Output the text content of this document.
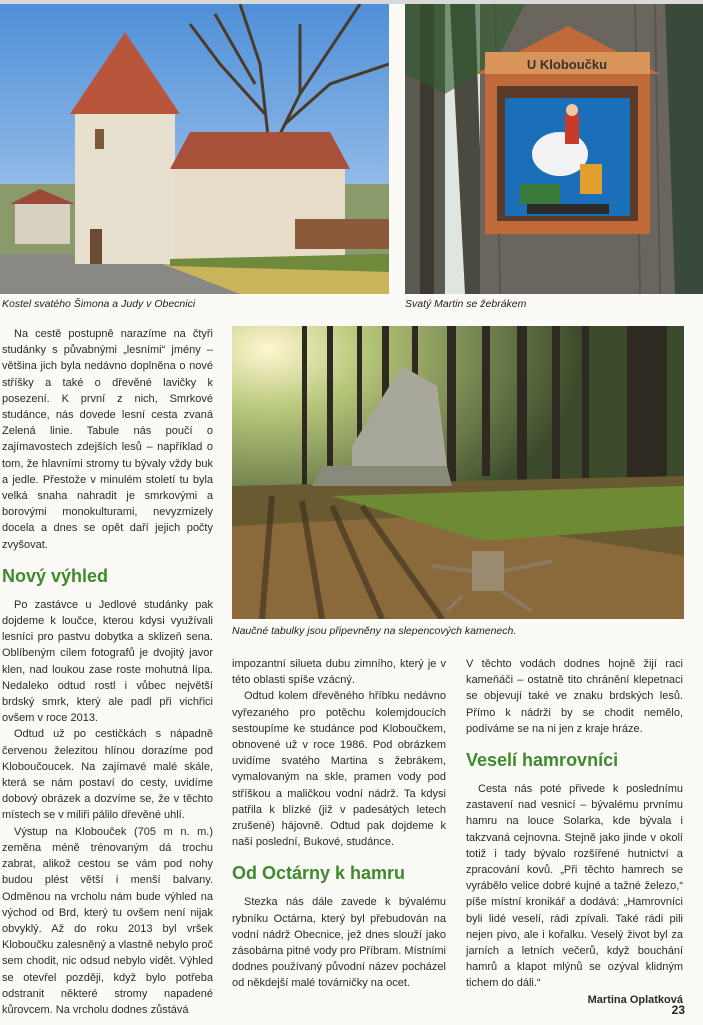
U Kloboučku
Kostel svatého Šimona a Judy v Obecnici	Svatý Martin se žebrákem
Naučné tabulky jsou připevněny na slepencových kamenech.

Na cestě postupně narazíme na čtyři studánky s půvabnými „lesními“ jmény – většina jich byla nedávno doplněna o nové stříšky a také o dřevěné lavičky k posezení. K první z nich, Smrkové studánce, nás dovede lesní cesta zvaná Zelená linie. Tabule nás poučí o zajímavostech zdejších lesů – například o tom, že hlavními stromy tu bývaly vždy buk a jedle. Přestože v minulém století tu byla velká snaha nahradit je smrkovými a borovými monokulturami, nevyzmizely docela a dnes se opět daří jejich počty zvyšovat.

Nový výhled

Po zastávce u Jedlové studánky pak dojdeme k loučce, kterou kdysi využívali lesníci pro pastvu dobytka a sklizeň sena. Oblíbeným cílem fotografů je dvojitý javor klen, nad loukou zase roste mohutná lípa. Nedaleko odtud rostl i vůbec největší brdský smrk, který ale padl při vichřici ovšem v roce 2013.

Odtud už po cestičkách s nápadně červenou železitou hlínou dorazíme pod Kloboučoucek. Na zajímavé malé skále, která se nám postaví do cesty, uvidíme dobový obrázek a dozvíme se, že v těchto místech se v miliři pálilo dřevěné uhlí.

Výstup na Klobouček (705 m n. m.) zeměna méně trénovaným dá trochu zabrat, alikož cestou se vám pod nohy budou plést větší i menší balvany. Odměnou na vrcholu nám bude výhled na východ od Brd, který tu ovšem není nijak obvyklý. Až do roku 2013 byl vršek Kloboučku zalesněný a vlastně nebylo proč sem chodit, nic odsud nebylo vidět. Výhled se otevřel později, když bylo potřeba odstranit některé stromy napadené kůrovcem. Na vrcholu dodnes zůstává

impozantní silueta dubu zimního, který je v této oblasti spíše vzácný.

Odtud kolem dřevěného hříbku nedávno vyřezaného pro potěchu kolemjdoucích sestoupíme ke studánce pod Kloboučkem, obnovené už v roce 1986. Pod obrázkem uvidíme svatého Martina s žebrákem, vymalovaným na skle, pramen vody pod stříškou a maličkou vodní nádrž. Ta kdysi patřila k blízké (již v padesátých letech zrušené) hájovně. Odtud pak dojdeme k naší poslední, Bukové, studánce.

Od Octárny k hamru

Stezka nás dále zavede k bývalému rybníku Octárna, který byl přebudován na vodní nádrž Obecnice, jež dnes slouží jako zásobárna pitné vody pro Příbram. Místními dodnes používaný původní název pocházel od někdejší malé továrničky na ocet.

V těchto vodách dodnes hojně žijí raci kameňáči – ostatně tito chránění klepetnaci se objevují také ve znaku brdských lesů. Přímo k nádrži by se chodit nemělo, podíváme se na ni jen z kraje hráze.

Veselí hamrovníci

Cesta nás poté přivede k poslednímu zastavení nad vesnicí – bývalému prvnímu hamru na louce Solarka, kde bývala i takzvaná cejnovna. Stejně jako jinde v okolí totiž i tady bývalo rozšířené hutnictví a zpracování kovů. „Při těchto hamrech se vyrábělo velice dobré kujné a tažné železo,“ píše místní kronikář a dodává: „Hamrovníci byli lidé veselí, rádi zpívali. Také rádi pili nejen pivo, ale i kořalku. Veselý život byl za jarních a letních večerů, když bouchání hamrů a klapot mlýnů se ozýval klidným tichem do dáli.“

Martina Oplatková

23
